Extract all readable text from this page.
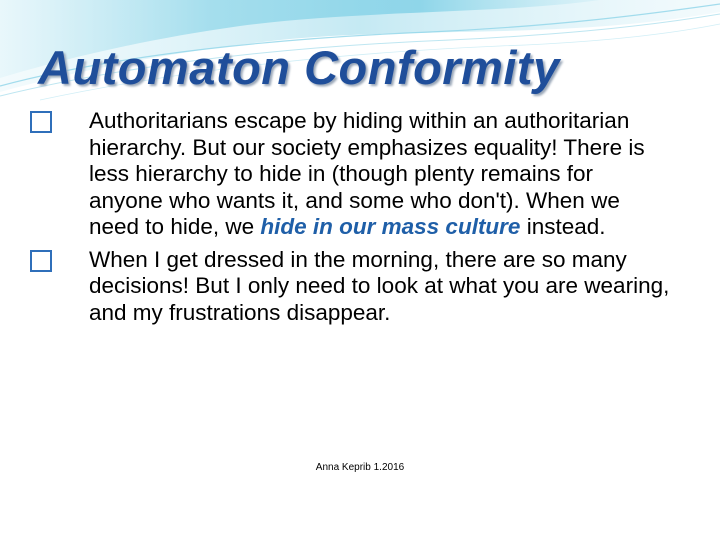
Automaton Conformity
Authoritarians escape by hiding within an authoritarian hierarchy. But our society emphasizes equality! There is less hierarchy to hide in (though plenty remains for anyone who wants it, and some who don't). When we need to hide, we hide in our mass culture instead.
When I get dressed in the morning, there are so many decisions! But I only need to look at what you are wearing, and my frustrations disappear.
Anna Keprib 1.2016
